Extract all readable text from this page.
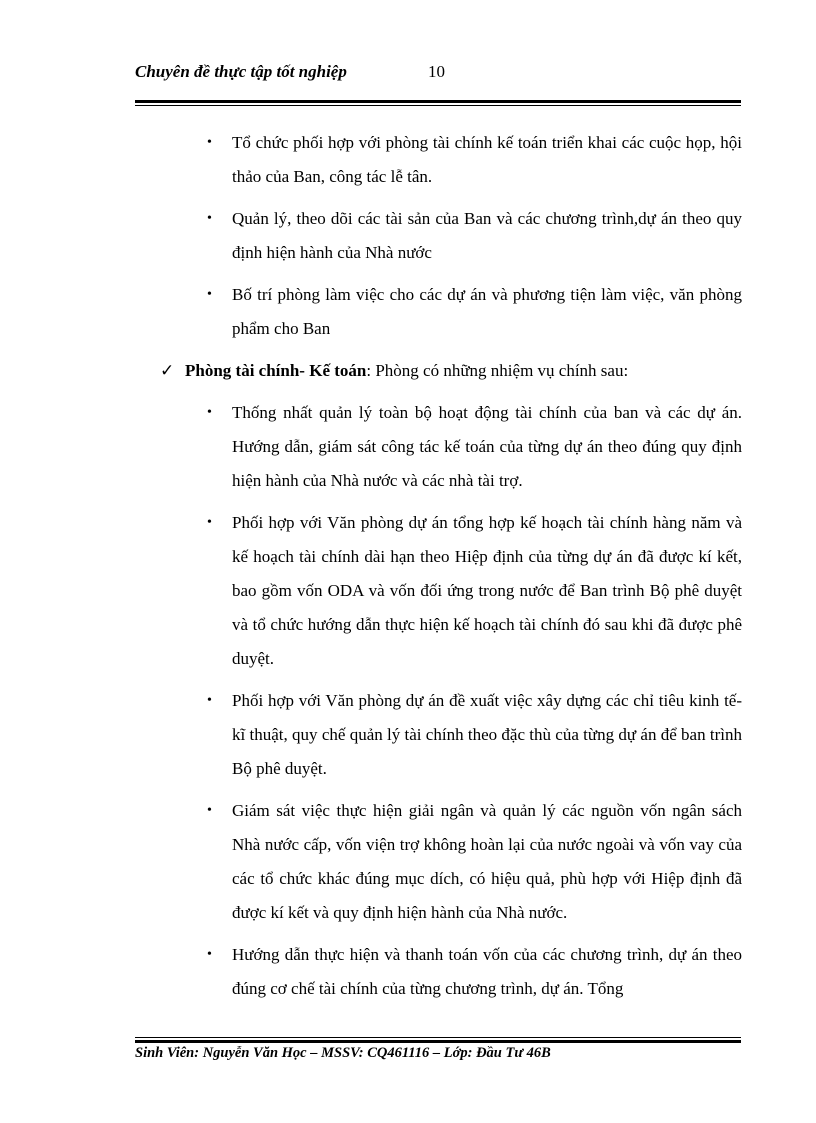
Chuyên đề thực tập tốt nghiệp	10
• Tổ chức phối hợp với phòng tài chính kế toán triển khai các cuộc họp, hội thảo của Ban, công tác lễ tân.
• Quản lý, theo dõi các tài sản của Ban và các chương trình,dự án theo quy định hiện hành của Nhà nước
• Bố trí phòng làm việc cho các dự án và phương tiện làm việc, văn phòng phẩm cho Ban
✓ Phòng tài chính- Kế toán: Phòng có những nhiệm vụ chính sau:
• Thống nhất quản lý toàn bộ hoạt động tài chính của ban và các dự án. Hướng dẫn, giám sát công tác kế toán của từng dự án theo đúng quy định hiện hành của Nhà nước và các nhà tài trợ.
• Phối hợp với Văn phòng dự án tổng hợp kế hoạch tài chính hàng năm và kế hoạch tài chính dài hạn theo Hiệp định của từng dự án đã được kí kết, bao gồm vốn ODA và vốn đối ứng trong nước để Ban trình Bộ phê duyệt và tổ chức hướng dẫn thực hiện kế hoạch tài chính đó sau khi đã được phê duyệt.
• Phối hợp với Văn phòng dự án đề xuất việc xây dựng các chỉ tiêu kinh tế- kĩ thuật, quy chế quản lý tài chính theo đặc thù của từng dự án để ban trình Bộ phê duyệt.
• Giám sát việc thực hiện giải ngân và quản lý các nguồn vốn ngân sách Nhà nước cấp, vốn viện trợ không hoàn lại của nước ngoài và vốn vay của các tổ chức khác đúng mục dích, có hiệu quả, phù hợp với Hiệp định đã được kí kết và quy định hiện hành của Nhà nước.
• Hướng dẫn thực hiện và thanh toán vốn của các chương trình, dự án theo đúng cơ chế tài chính của từng chương trình, dự án. Tổng
Sinh Viên: Nguyễn Văn Học – MSSV: CQ461116 – Lớp: Đầu Tư 46B
